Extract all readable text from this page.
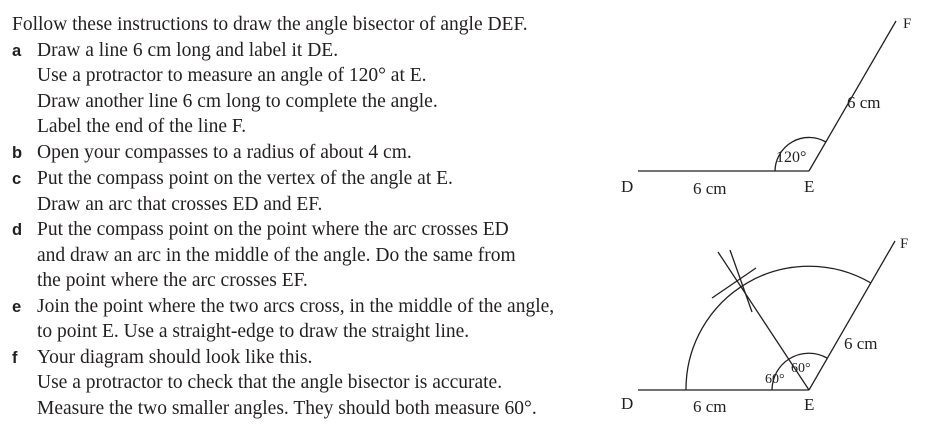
Follow these instructions to draw the angle bisector of angle DEF.

a Draw a line 6 cm long and label it DE.
Use a protractor to measure an angle of 120° at E.
Draw another line 6 cm long to complete the angle.
Label the end of the line F.
b Open your compasses to a radius of about 4 cm.
c Put the compass point on the vertex of the angle at E.
Draw an arc that crosses ED and EF.
d Put the compass point on the point where the arc crosses ED
and draw an arc in the middle of the angle. Do the same from
the point where the arc crosses EF.
e Join the point where the two arcs cross, in the middle of the angle,
to point E. Use a straight-edge to draw the straight line.
f	Your diagram should look like this.
Use a protractor to check that the angle bisector is accurate.
Measure the two smaller angles. They should both measure 60°.
D	E
F
6 cm
6 cm
120°
D	E
F
6 cm
6 cm
60°
60°
